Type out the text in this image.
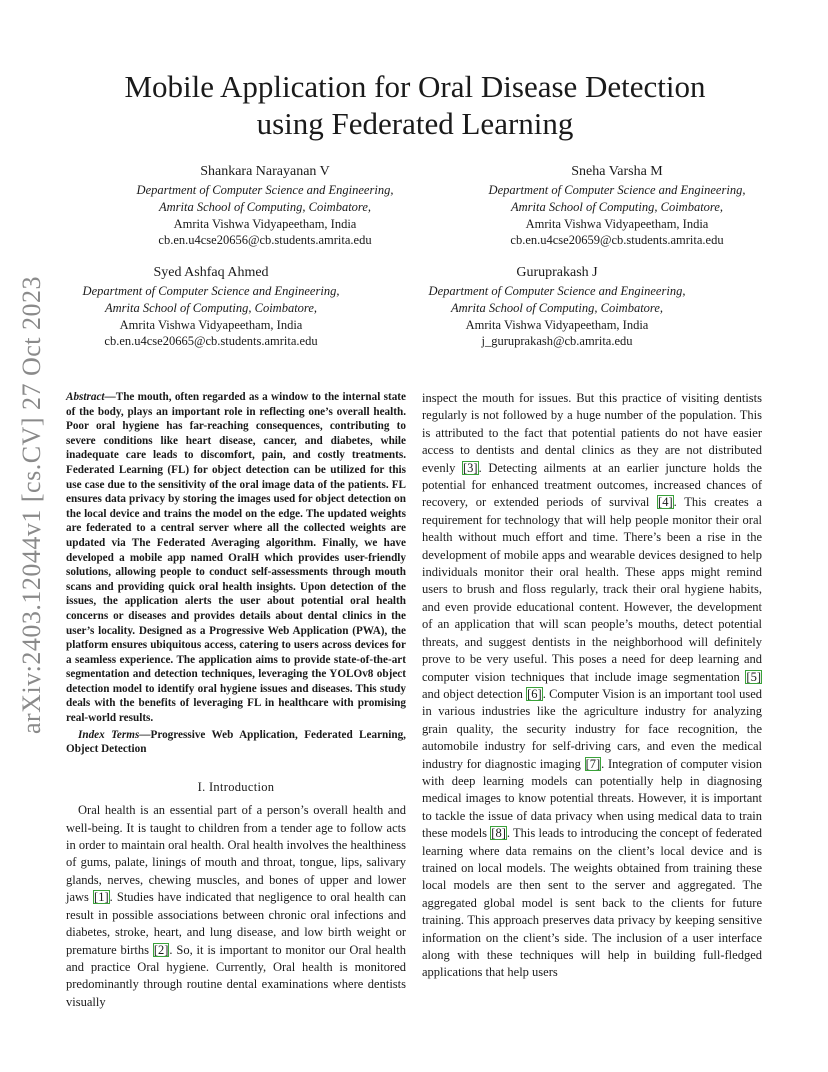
arXiv:2403.12044v1 [cs.CV] 27 Oct 2023
Mobile Application for Oral Disease Detection
using Federated Learning
Shankara Narayanan V
Department of Computer Science and Engineering,
Amrita School of Computing, Coimbatore,
Amrita Vishwa Vidyapeetham, India
cb.en.u4cse20656@cb.students.amrita.edu
Sneha Varsha M
Department of Computer Science and Engineering,
Amrita School of Computing, Coimbatore,
Amrita Vishwa Vidyapeetham, India
cb.en.u4cse20659@cb.students.amrita.edu
Syed Ashfaq Ahmed
Department of Computer Science and Engineering,
Amrita School of Computing, Coimbatore,
Amrita Vishwa Vidyapeetham, India
cb.en.u4cse20665@cb.students.amrita.edu
Guruprakash J
Department of Computer Science and Engineering,
Amrita School of Computing, Coimbatore,
Amrita Vishwa Vidyapeetham, India
j_guruprakash@cb.amrita.edu

Abstract—The mouth, often regarded as a window to the internal state of the body, plays an important role in reflecting one’s overall health. Poor oral hygiene has far-reaching consequences, contributing to severe conditions like heart disease, cancer, and diabetes, while inadequate care leads to discomfort, pain, and costly treatments. Federated Learning (FL) for object detection can be utilized for this use case due to the sensitivity of the oral image data of the patients. FL ensures data privacy by storing the images used for object detection on the local device and trains the model on the edge. The updated weights are federated to a central server where all the collected weights are updated via The Federated Averaging algorithm. Finally, we have developed a mobile app named OralH which provides user-friendly solutions, allowing people to conduct self-assessments through mouth scans and providing quick oral health insights. Upon detection of the issues, the application alerts the user about potential oral health concerns or diseases and provides details about dental clinics in the user’s locality. Designed as a Progressive Web Application (PWA), the platform ensures ubiquitous access, catering to users across devices for a seamless experience. The application aims to provide state-of-the-art segmentation and detection techniques, leveraging the YOLOv8 object detection model to identify oral hygiene issues and diseases. This study deals with the benefits of leveraging FL in healthcare with promising real-world results.

Index Terms—Progressive Web Application, Federated Learning, Object Detection

I. Introduction

Oral health is an essential part of a person’s overall health and well-being. It is taught to children from a tender age to follow acts in order to maintain oral health. Oral health involves the healthiness of gums, palate, linings of mouth and throat, tongue, lips, salivary glands, nerves, chewing muscles, and bones of upper and lower jaws [1]. Studies have indicated that negligence to oral health can result in possible associations between chronic oral infections and diabetes, stroke, heart, and lung disease, and low birth weight or premature births [2]. So, it is important to monitor our Oral health and practice Oral hygiene. Currently, Oral health is monitored predominantly through routine dental examinations where dentists visually

inspect the mouth for issues. But this practice of visiting dentists regularly is not followed by a huge number of the population. This is attributed to the fact that potential patients do not have easier access to dentists and dental clinics as they are not distributed evenly [3]. Detecting ailments at an earlier juncture holds the potential for enhanced treatment outcomes, increased chances of recovery, or extended periods of survival [4]. This creates a requirement for technology that will help people monitor their oral health without much effort and time. There’s been a rise in the development of mobile apps and wearable devices designed to help individuals monitor their oral health. These apps might remind users to brush and floss regularly, track their oral hygiene habits, and even provide educational content. However, the development of an application that will scan people’s mouths, detect potential threats, and suggest dentists in the neighborhood will definitely prove to be very useful. This poses a need for deep learning and computer vision techniques that include image segmentation [5] and object detection [6]. Computer Vision is an important tool used in various industries like the agriculture industry for analyzing grain quality, the security industry for face recognition, the automobile industry for self-driving cars, and even the medical industry for diagnostic imaging [7]. Integration of computer vision with deep learning models can potentially help in diagnosing medical images to know potential threats. However, it is important to tackle the issue of data privacy when using medical data to train these models [8]. This leads to introducing the concept of federated learning where data remains on the client’s local device and is trained on local models. The weights obtained from training these local models are then sent to the server and aggregated. The aggregated global model is sent back to the clients for future training. This approach preserves data privacy by keeping sensitive information on the client’s side. The inclusion of a user interface along with these techniques will help in building full-fledged applications that help users
